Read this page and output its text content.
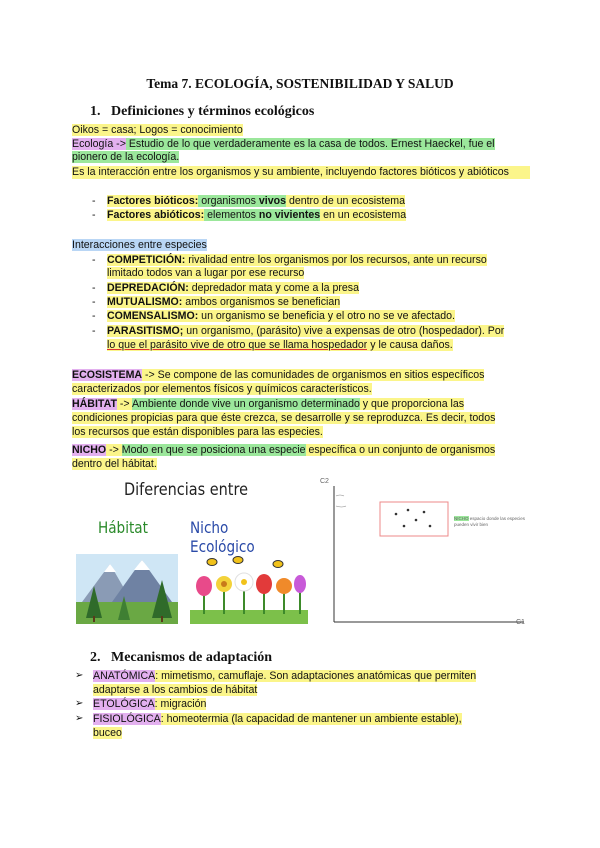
Tema 7. ECOLOGÍA, SOSTENIBILIDAD Y SALUD
1. Definiciones y términos ecológicos
Oikos = casa; Logos = conocimiento
Ecología -> Estudio de lo que verdaderamente es la casa de todos. Ernest Haeckel, fue el
pionero de la ecología.
Es la interacción entre los organismos y su ambiente, incluyendo factores bióticos y abióticos
- Factores bióticos: organismos vivos dentro de un ecosistema
- Factores abióticos: elementos no vivientes en un ecosistema
Interacciones entre especies
- COMPETICIÓN: rivalidad entre los organismos por los recursos, ante un recurso
limitado todos van a lugar por ese recurso
- DEPREDACIÓN: depredador mata y come a la presa
- MUTUALISMO: ambos organismos se benefician
- COMENSALISMO: un organismo se beneficia y el otro no se ve afectado.
- PARASITISMO; un organismo, (parásito) vive a expensas de otro (hospedador). Por
lo que el parásito vive de otro que se llama hospedador y le causa daños.
ECOSISTEMA -> Se compone de las comunidades de organismos en sitios específicos
caracterizados por elementos físicos y químicos característicos.
HÁBITAT -> Ambiente donde vive un organismo determinado y que proporciona las
condiciones propicias para que éste crezca, se desarrolle y se reproduzca. Es decir, todos
los recursos que están disponibles para las especies.
NICHO -> Modo en que se posiciona una especie específica o un conjunto de organismos
dentro del hábitat.
Diferencias entre
Hábitat	Nicho Ecológico
C2
C1
NICHO espacio donde las especies pueden vivir bien
2. Mecanismos de adaptación
➢ ANATÓMICA: mimetismo, camuflaje. Son adaptaciones anatómicas que permiten
adaptarse a los cambios de hábitat
➢ ETOLÓGICA: migración
➢ FISIOLÓGICA: homeotermia (la capacidad de mantener un ambiente estable),
buceo
